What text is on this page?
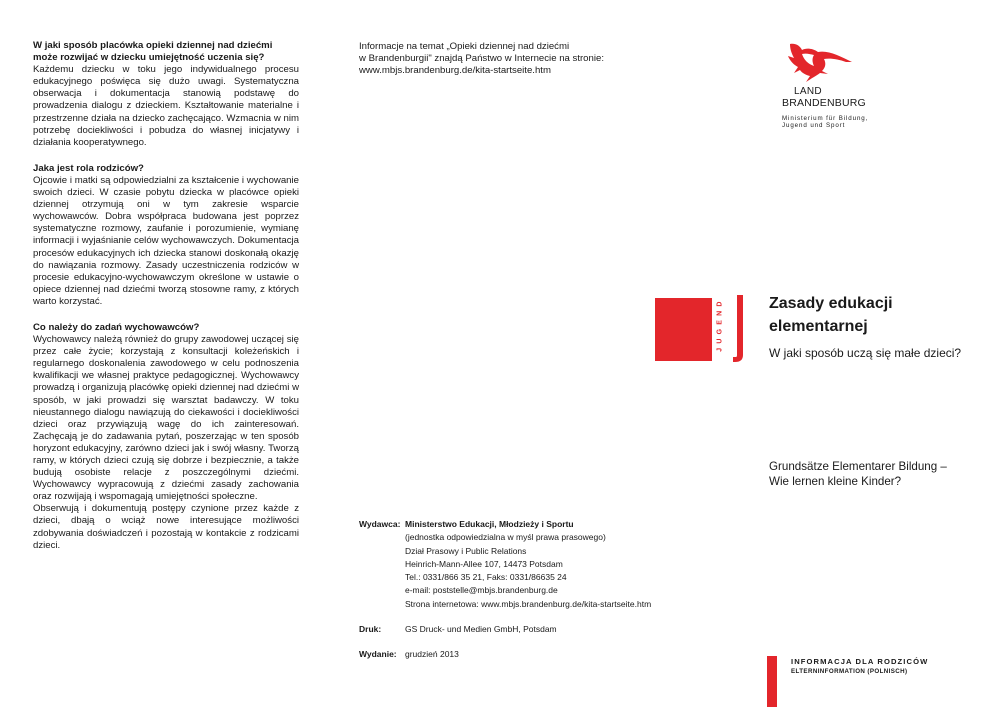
W jaki sposób placówka opieki dziennej nad dziećmi może rozwijać w dziecku umiejętność uczenia się?

Każdemu dziecku w toku jego indywidualnego procesu edukacyjnego poświęca się dużo uwagi. Systematyczna obserwacja i dokumentacja stanowią podstawę do prowadzenia dialogu z dzieckiem. Kształtowanie materialne i przestrzenne działa na dziecko zachęcająco. Wzmacnia w nim potrzebę dociekliwości i pobudza do własnej inicjatywy i działania kooperatywnego.

Jaka jest rola rodziców?

Ojcowie i matki są odpowiedzialni za kształcenie i wychowanie swoich dzieci. W czasie pobytu dziecka w placówce opieki dziennej otrzymują oni w tym zakresie wsparcie wychowawców. Dobra współpraca budowana jest poprzez systematyczne rozmowy, zaufanie i porozumienie, wymianę informacji i wyjaśnianie celów wychowawczych. Dokumentacja procesów edukacyjnych ich dziecka stanowi doskonałą okazję do nawiązania rozmowy. Zasady uczestniczenia rodziców w procesie edukacyjno-wychowawczym określone w ustawie o opiece dziennej nad dziećmi tworzą stosowne ramy, z których warto korzystać.

Co należy do zadań wychowawców?

Wychowawcy należą również do grupy zawodowej uczącej się przez całe życie; korzystają z konsultacji koleżeńskich i regularnego doskonalenia zawodowego w celu podnoszenia kwalifikacji we własnej praktyce pedagogicznej. Wychowawcy prowadzą i organizują placówkę opieki dziennej nad dziećmi w sposób, w jaki prowadzi się warsztat badawczy. W toku nieustannego dialogu nawiązują do ciekawości i dociekliwości dzieci oraz przywiązują wagę do ich zainteresowań. Zachęcają je do zadawania pytań, poszerzając w ten sposób horyzont edukacyjny, zarówno dzieci jak i swój własny. Tworzą ramy, w których dzieci czują się dobrze i bezpiecznie, a także budują osobiste relacje z poszczególnymi dziećmi. Wychowawcy wypracowują z dziećmi zasady zachowania oraz rozwijają i wspomagają umiejętności społeczne.

Obserwują i dokumentują postępy czynione przez każde z dzieci, dbają o wciąż nowe interesujące możliwości zdobywania doświadczeń i pozostają w kontakcie z rodzicami dzieci.

Informacje na temat „Opieki dziennej nad dziećmi
w Brandenburgii" znajdą Państwo w Internecie na stronie:
www.mbjs.brandenburg.de/kita-startseite.htm
LAND
BRANDENBURG
Ministerium für Bildung,
Jugend und Sport
JUGEND	Zasady edukacji
elementarnej
W jaki sposób uczą się małe dzieci?
Grundsätze Elementarer Bildung –
Wie lernen kleine Kinder?
Wydawca: Ministerstwo Edukacji, Młodzieży i Sportu
(jednostka odpowiedzialna w myśl prawa prasowego)
Dział Prasowy i Public Relations
Heinrich-Mann-Allee 107, 14473 Potsdam
Tel.: 0331/866 35 21, Faks: 0331/86635 24
e-mail: poststelle@mbjs.brandenburg.de
Strona internetowa: www.mbjs.brandenburg.de/kita-startseite.htm
Druk:	GS Druck- und Medien GmbH, Potsdam
Wydanie: grudzień 2013
INFORMACJA DLA RODZICÓW
ELTERNINFORMATION (POLNISCH)
